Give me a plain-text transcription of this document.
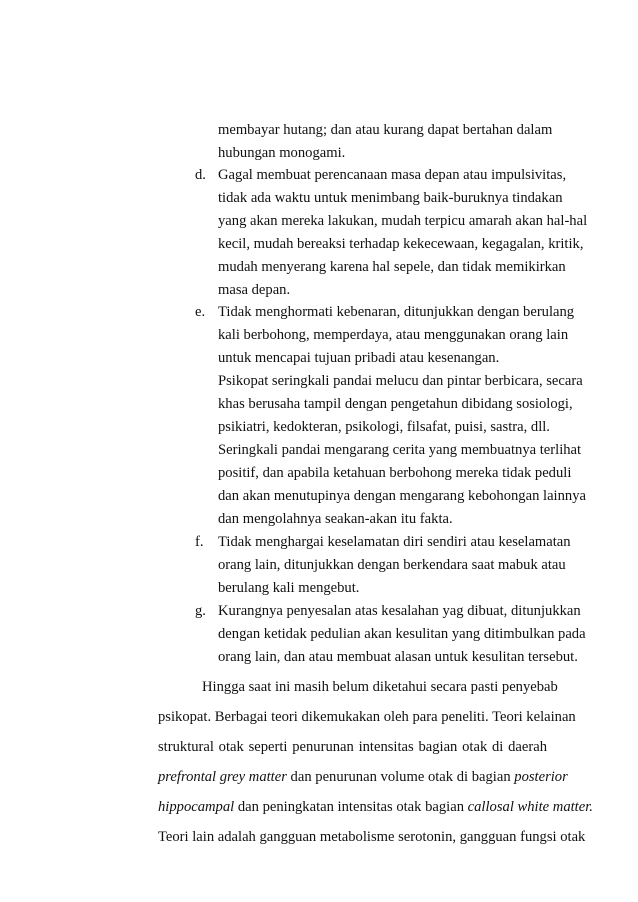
membayar hutang; dan atau kurang dapat bertahan dalam
hubungan monogami.
d. Gagal membuat perencanaan masa depan atau impulsivitas,
tidak ada waktu untuk menimbang baik-buruknya tindakan
yang akan mereka lakukan, mudah terpicu amarah akan hal-hal
kecil, mudah bereaksi terhadap kekecewaan, kegagalan, kritik,
mudah menyerang karena hal sepele, dan tidak memikirkan
masa depan.
e. Tidak menghormati kebenaran, ditunjukkan dengan berulang
kali berbohong, memperdaya, atau menggunakan orang lain
untuk mencapai tujuan pribadi atau kesenangan.
Psikopat seringkali pandai melucu dan pintar berbicara, secara
khas berusaha tampil dengan pengetahun dibidang sosiologi,
psikiatri, kedokteran, psikologi, filsafat, puisi, sastra, dll.
Seringkali pandai mengarang cerita yang membuatnya terlihat
positif, dan apabila ketahuan berbohong mereka tidak peduli
dan akan menutupinya dengan mengarang kebohongan lainnya
dan mengolahnya seakan-akan itu fakta.
f. Tidak menghargai keselamatan diri sendiri atau keselamatan
orang lain, ditunjukkan dengan berkendara saat mabuk atau
berulang kali mengebut.
g. Kurangnya penyesalan atas kesalahan yag dibuat, ditunjukkan
dengan ketidak pedulian akan kesulitan yang ditimbulkan pada
orang lain, dan atau membuat alasan untuk kesulitan tersebut.
Hingga saat ini masih belum diketahui secara pasti penyebab
psikopat. Berbagai teori dikemukakan oleh para peneliti. Teori kelainan
struktural otak seperti penurunan intensitas bagian otak di daerah
prefrontal grey matter dan penurunan volume otak di bagian posterior
hippocampal dan peningkatan intensitas otak bagian callosal white matter.
Teori lain adalah gangguan metabolisme serotonin, gangguan fungsi otak
